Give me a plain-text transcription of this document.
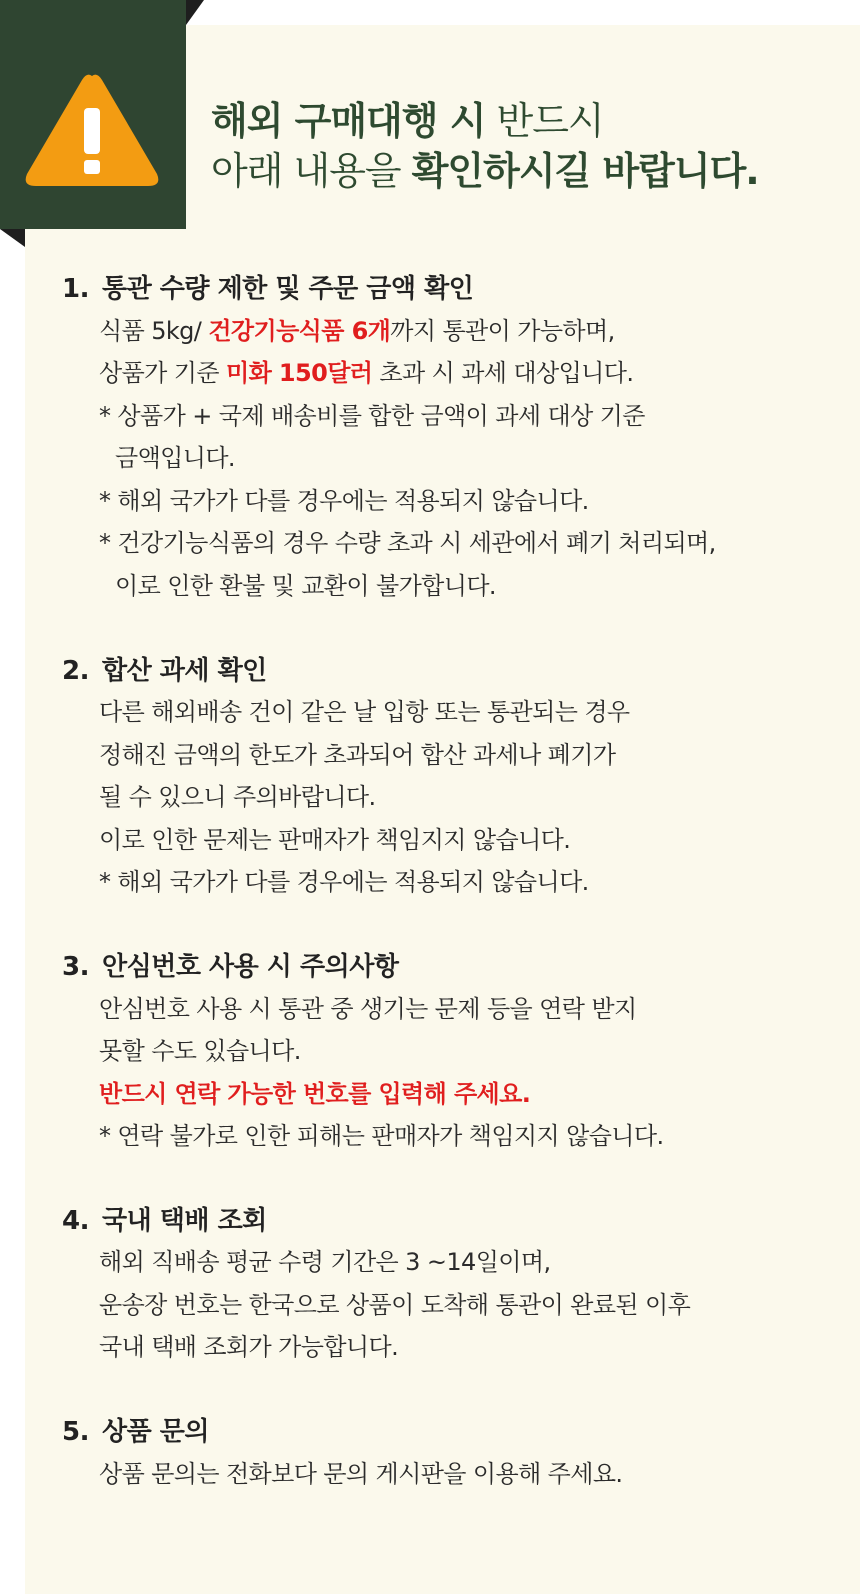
해외 구매대행 시 반드시
아래 내용을 확인하시길 바랍니다.
1. 통관 수량 제한 및 주문 금액 확인
식품 5kg/ 건강기능식품 6개까지 통관이 가능하며,
상품가 기준 미화 150달러 초과 시 과세 대상입니다.
* 상품가 + 국제 배송비를 합한 금액이 과세 대상 기준
금액입니다.
* 해외 국가가 다를 경우에는 적용되지 않습니다.
* 건강기능식품의 경우 수량 초과 시 세관에서 폐기 처리되며,
이로 인한 환불 및 교환이 불가합니다.
2. 합산 과세 확인
다른 해외배송 건이 같은 날 입항 또는 통관되는 경우
정해진 금액의 한도가 초과되어 합산 과세나 폐기가
될 수 있으니 주의바랍니다.
이로 인한 문제는 판매자가 책임지지 않습니다.
* 해외 국가가 다를 경우에는 적용되지 않습니다.
3. 안심번호 사용 시 주의사항
안심번호 사용 시 통관 중 생기는 문제 등을 연락 받지
못할 수도 있습니다.
반드시 연락 가능한 번호를 입력해 주세요.
* 연락 불가로 인한 피해는 판매자가 책임지지 않습니다.
4. 국내 택배 조회
해외 직배송 평균 수령 기간은 3 ~14일이며,
운송장 번호는 한국으로 상품이 도착해 통관이 완료된 이후
국내 택배 조회가 가능합니다.
5. 상품 문의
상품 문의는 전화보다 문의 게시판을 이용해 주세요.
